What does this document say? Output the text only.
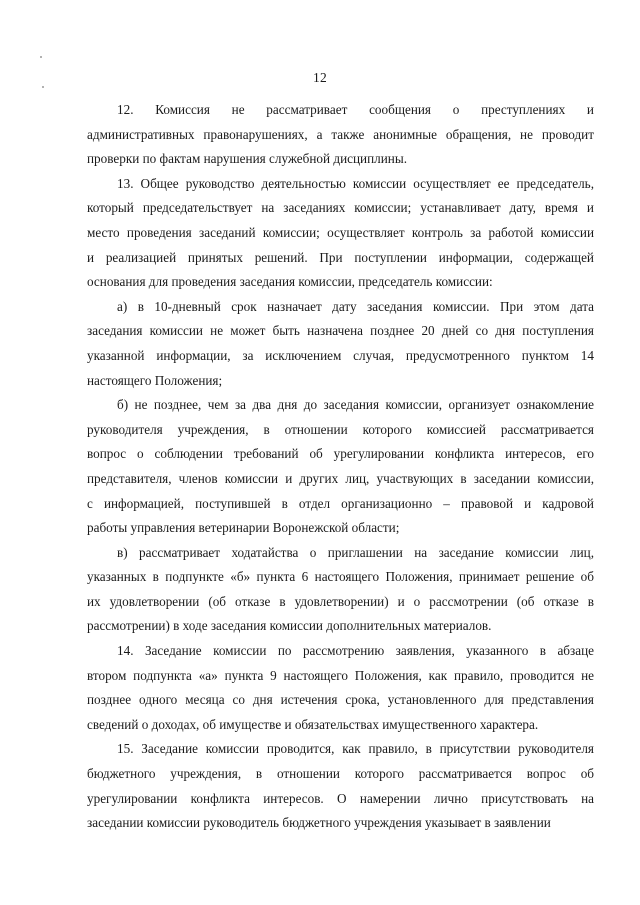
12
12. Комиссия не рассматривает сообщения о преступлениях и
административных правонарушениях, а также анонимные обращения, не проводит
проверки по фактам нарушения служебной дисциплины.
13. Общее руководство деятельностью комиссии осуществляет ее председатель,
который председательствует на заседаниях комиссии; устанавливает дату, время и
место проведения заседаний комиссии; осуществляет контроль за работой комиссии
и реализацией принятых решений. При поступлении информации, содержащей
основания для проведения заседания комиссии, председатель комиссии:
а) в 10-дневный срок назначает дату заседания комиссии. При этом дата
заседания комиссии не может быть назначена позднее 20 дней со дня поступления
указанной информации, за исключением случая, предусмотренного пунктом 14
настоящего Положения;
б) не позднее, чем за два дня до заседания комиссии, организует ознакомление
руководителя учреждения, в отношении которого комиссией рассматривается
вопрос о соблюдении требований об урегулировании конфликта интересов, его
представителя, членов комиссии и других лиц, участвующих в заседании комиссии,
с информацией, поступившей в отдел организационно – правовой и кадровой
работы управления ветеринарии Воронежской области;
в) рассматривает ходатайства о приглашении на заседание комиссии лиц,
указанных в подпункте «б» пункта 6 настоящего Положения, принимает решение об
их удовлетворении (об отказе в удовлетворении) и о рассмотрении (об отказе в
рассмотрении) в ходе заседания комиссии дополнительных материалов.
14. Заседание комиссии по рассмотрению заявления, указанного в абзаце
втором подпункта «а» пункта 9 настоящего Положения, как правило, проводится не
позднее одного месяца со дня истечения срока, установленного для представления
сведений о доходах, об имуществе и обязательствах имущественного характера.
15. Заседание комиссии проводится, как правило, в присутствии руководителя
бюджетного учреждения, в отношении которого рассматривается вопрос об
урегулировании конфликта интересов. О намерении лично присутствовать на
заседании комиссии руководитель бюджетного учреждения указывает в заявлении
